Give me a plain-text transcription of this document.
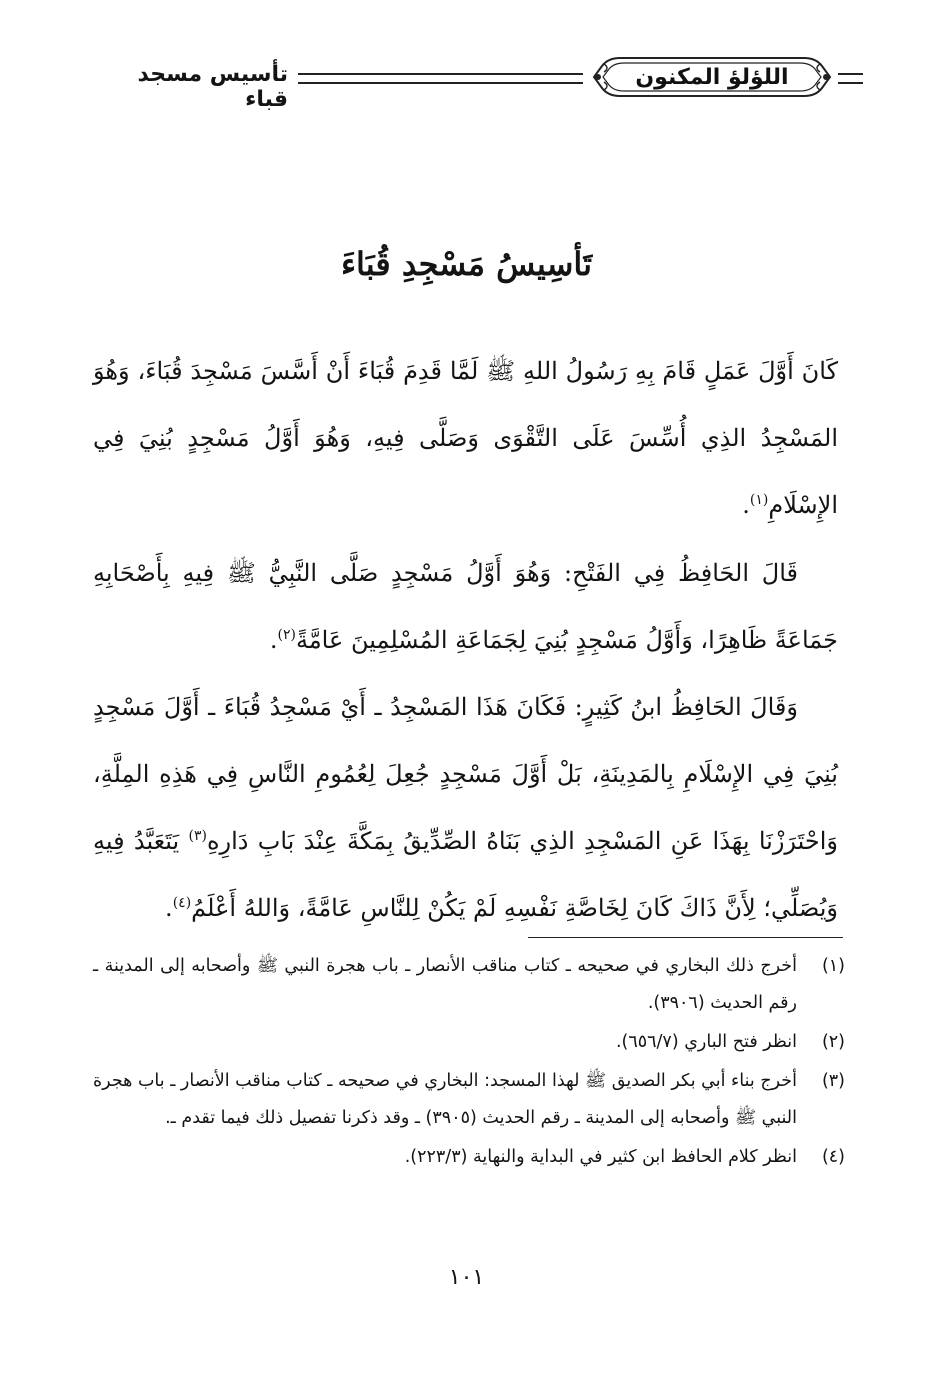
اللؤلؤ المكنون
تأسيس مسجد قباء
تَأسِيسُ مَسْجِدِ قُبَاءَ
كَانَ أَوَّلَ عَمَلٍ قَامَ بِهِ رَسُولُ اللهِ ﷺ لَمَّا قَدِمَ قُبَاءَ أَنْ أَسَّسَ مَسْجِدَ قُبَاءَ، وَهُوَ المَسْجِدُ الذِي أُسِّسَ عَلَى التَّقْوَى وَصَلَّى فِيهِ، وَهُوَ أَوَّلُ مَسْجِدٍ بُنِيَ فِي الإِسْلَامِ$^{(١)}$.
قَالَ الحَافِظُ فِي الفَتْحِ: وَهُوَ أَوَّلُ مَسْجِدٍ صَلَّى النَّبِيُّ ﷺ فِيهِ بِأَصْحَابِهِ جَمَاعَةً ظَاهِرًا، وَأَوَّلُ مَسْجِدٍ بُنِيَ لِجَمَاعَةِ المُسْلِمِينَ عَامَّةً$^{(٢)}$.
وَقَالَ الحَافِظُ ابنُ كَثِيرٍ: فَكَانَ هَذَا المَسْجِدُ ـ أَيْ مَسْجِدُ قُبَاءَ ـ أَوَّلَ مَسْجِدٍ بُنِيَ فِي الإِسْلَامِ بِالمَدِينَةِ، بَلْ أَوَّلَ مَسْجِدٍ جُعِلَ لِعُمُومِ النَّاسِ فِي هَذِهِ المِلَّةِ، وَاحْتَرَزْنَا بِهَذَا عَنِ المَسْجِدِ الذِي بَنَاهُ الصِّدِّيقُ بِمَكَّةَ عِنْدَ بَابِ دَارِهِ$^{(٣)}$ يَتَعَبَّدُ فِيهِ وَيُصَلِّي؛ لِأَنَّ ذَاكَ كَانَ لِخَاصَّةِ نَفْسِهِ لَمْ يَكُنْ لِلنَّاسِ عَامَّةً، وَاللهُ أَعْلَمُ$^{(٤)}$.
(١)
أخرج ذلك البخاري في صحيحه ـ كتاب مناقب الأنصار ـ باب هجرة النبي ﷺ وأصحابه إلى المدينة ـ رقم الحديث (٣٩٠٦).
(٢)
انظر فتح الباري (٦٥٦/٧).
(٣)
أخرج بناء أبي بكر الصديق ﷺ لهذا المسجد: البخاري في صحيحه ـ كتاب مناقب الأنصار ـ باب هجرة النبي ﷺ وأصحابه إلى المدينة ـ رقم الحديث (٣٩٠٥) ـ وقد ذكرنا تفصيل ذلك فيما تقدم ـ.
(٤)
انظر كلام الحافظ ابن كثير في البداية والنهاية (٢٢٣/٣).
١٠١
